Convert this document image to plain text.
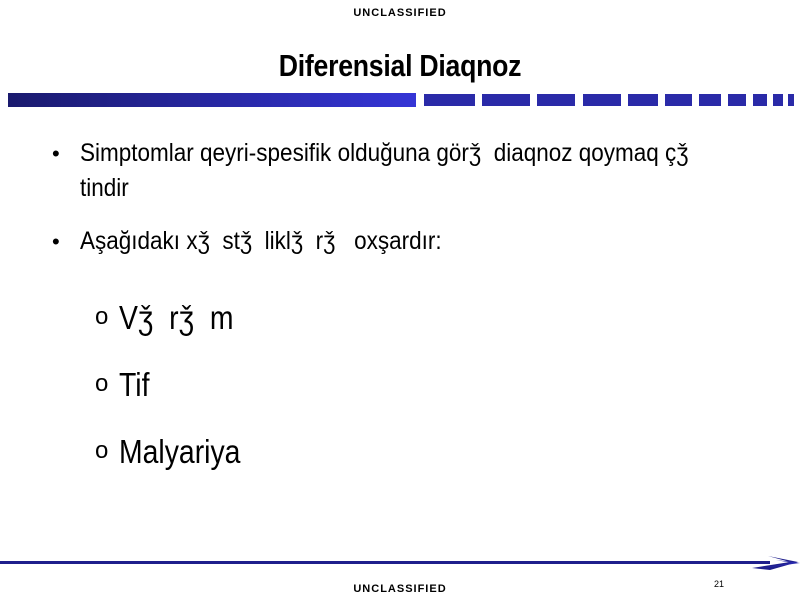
UNCLASSIFIED
Diferensial Diaqnoz
• Simptomlar qeyri-spesifik olduğuna görǯ  diaqnoz qoymaq çǯ  tindir
• Aşağıdakı xǯ  stǯ  liklǯ  rǯ   oxşardır:
o Vǯ  rǯ  m
o Tif
o Malyariya
21
UNCLASSIFIED
